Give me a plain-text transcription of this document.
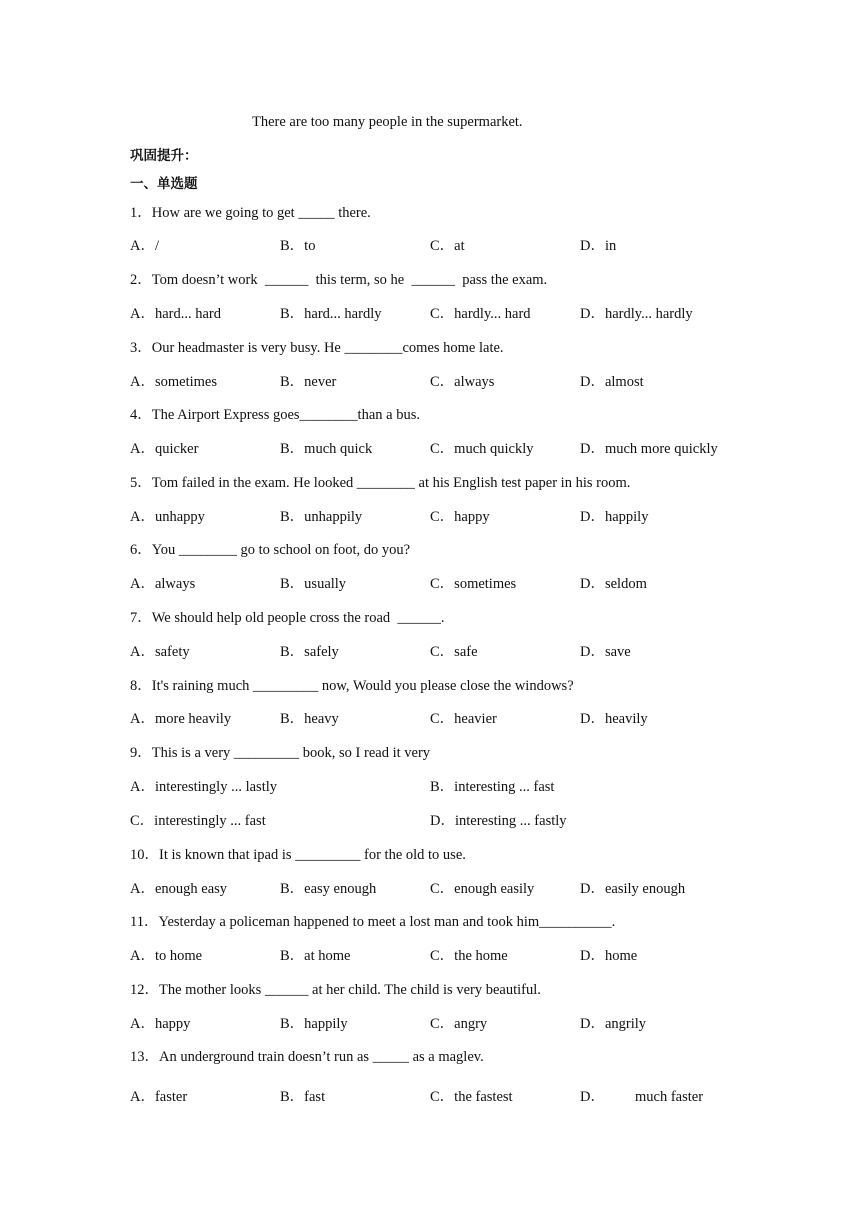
There are too many people in the supermarket.
巩固提升：
一、单选题
1．How are we going to get _____ there.
A．/	B．to	C．at	D．in
2．Tom doesn’t work  ______  this term, so he  ______  pass the exam.
A．hard... hard	B．hard... hardly	C．hardly... hard	D．hardly... hardly
3．Our headmaster is very busy. He ________comes home late.
A．sometimes	B．never	C．always	D．almost
4．The Airport Express goes________than a bus.
A．quicker	B．much quick	C．much quickly	D．much more quickly
5．Tom failed in the exam. He looked ________ at his English test paper in his room.
A．unhappy	B．unhappily	C．happy	D．happily
6．You ________ go to school on foot, do you?
A．always	B．usually	C．sometimes	D．seldom
7．We should help old people cross the road  ______.
A．safety	B．safely	C．safe	D．save
8．It's raining much _________ now, Would you please close the windows?
A．more heavily	B．heavy	C．heavier	D．heavily
9．This is a very _________ book, so I read it very
A．interestingly ... lastly	B．interesting ... fast
C．interestingly ... fast	D．interesting ... fastly
10．It is known that ipad is _________ for the old to use.
A．enough easy	B．easy enough	C．enough easily	D．easily enough
11．Yesterday a policeman happened to meet a lost man and took him__________.
A．to home	B．at home	C．the home	D．home
12．The mother looks ______ at her child. The child is very beautiful.
A．happy	B．happily	C．angry	D．angrily
13．An underground train doesn’t run as _____ as a maglev.
A．faster	B．fast	C．the fastest	D． much faster
